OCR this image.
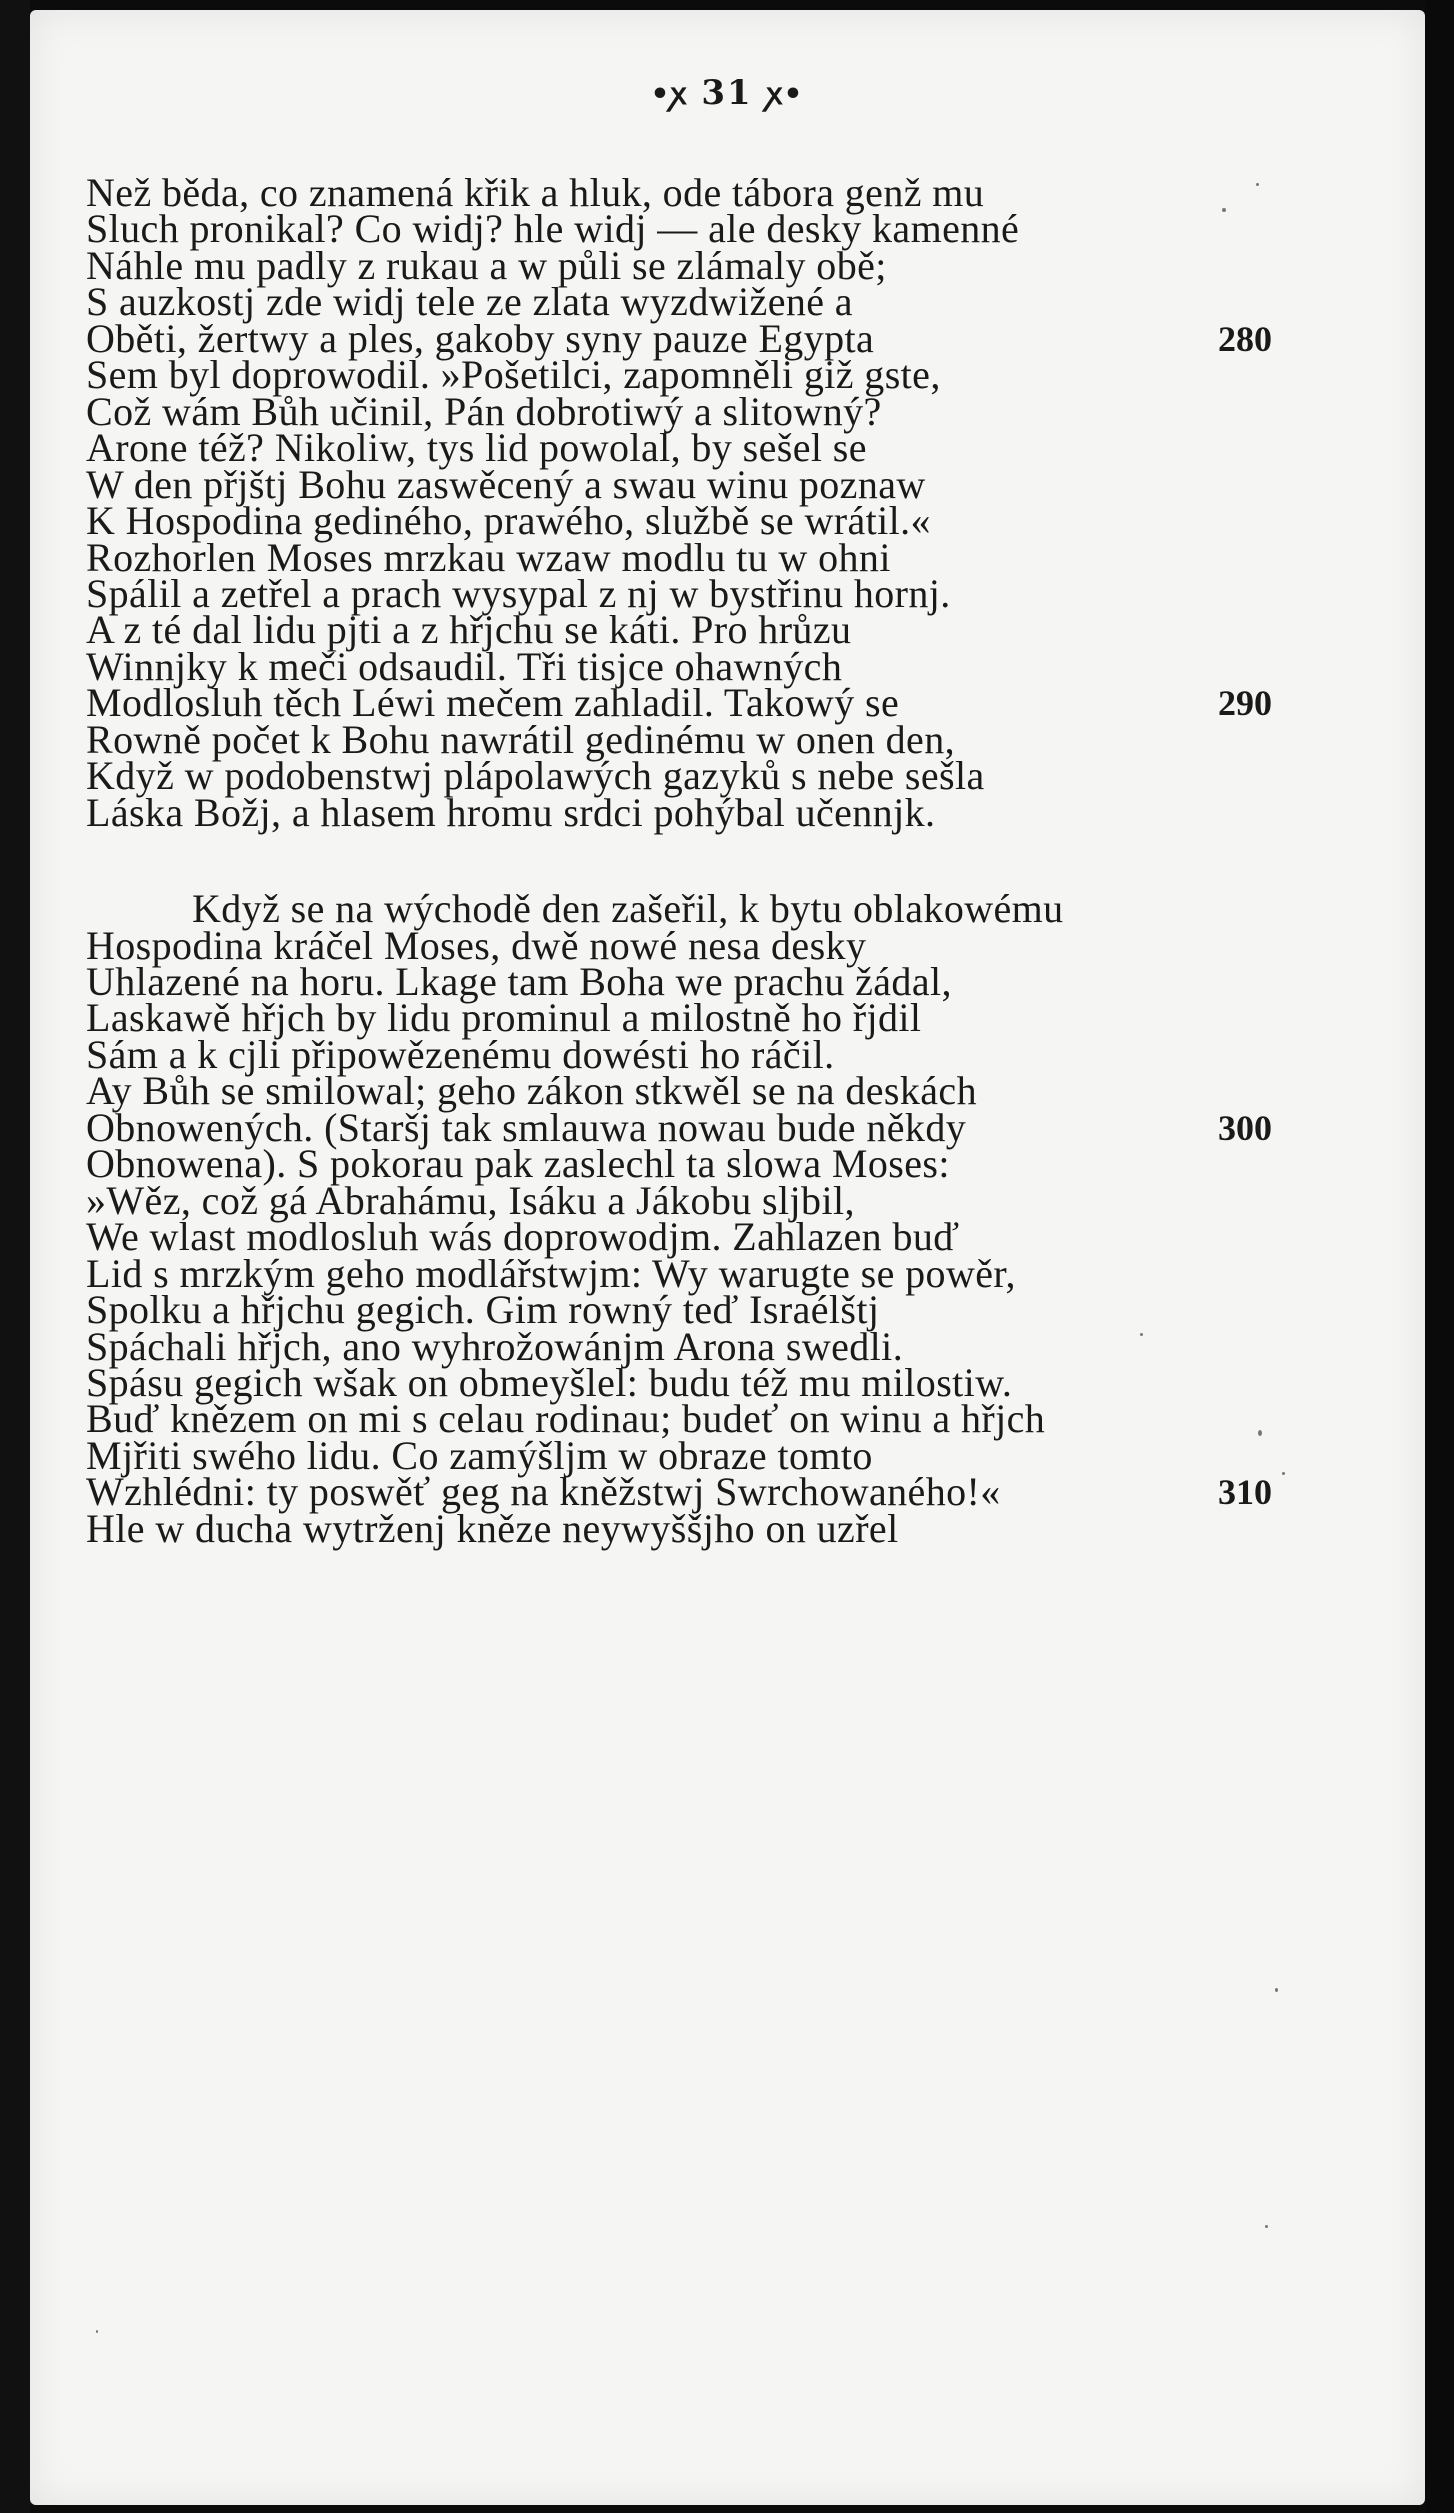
•ꭗ 31 ꭗ•
Než běda, co znamená křik a hluk, ode tábora genž mu
Sluch pronikal? Co widj? hle widj — ale desky kamenné
Náhle mu padly z rukau a w půli se zlámaly obě;
S auzkostj zde widj tele ze zlata wyzdwižené a
Oběti, žertwy a ples, gakoby syny pauze Egypta	280
Sem byl doprowodil. »Pošetilci, zapomněli giž gste,
Což wám Bůh učinil, Pán dobrotiwý a slitowný?
Arone též? Nikoliw, tys lid powolal, by sešel se
W den přjštj Bohu zaswěcený a swau winu poznaw
K Hospodina gediného, prawého, službě se wrátil.«
Rozhorlen Moses mrzkau wzaw modlu tu w ohni
Spálil a zetřel a prach wysypal z nj w bystřinu hornj.
A z té dal lidu pjti a z hřjchu se káti. Pro hrůzu
Winnjky k meči odsaudil. Tři tisjce ohawných
Modlosluh těch Léwi mečem zahladil. Takowý se	290
Rowně počet k Bohu nawrátil gedinému w onen den,
Když w podobenstwj plápolawých gazyků s nebe sešla
Láska Božj, a hlasem hromu srdci pohýbal učennjk.
Když se na wýchodě den zašeřil, k bytu oblakowému
Hospodina kráčel Moses, dwě nowé nesa desky
Uhlazené na horu. Lkage tam Boha we prachu žádal,
Laskawě hřjch by lidu prominul a milostně ho řjdil
Sám a k cjli připowězenému dowésti ho ráčil.
Ay Bůh se smilowal; geho zákon stkwěl se na deskách
Obnowených. (Staršj tak smlauwa nowau bude někdy	300
Obnowena). S pokorau pak zaslechl ta slowa Moses:
»Wěz, což gá Abrahámu, Isáku a Jákobu sljbil,
We wlast modlosluh wás doprowodjm. Zahlazen buď
Lid s mrzkým geho modlářstwjm: Wy warugte se powěr,
Spolku a hřjchu gegich. Gim rowný teď Israélštj
Spáchali hřjch, ano wyhrožowánjm Arona swedli.
Spásu gegich wšak on obmeyšlel: budu též mu milostiw.
Buď knězem on mi s celau rodinau; budeť on winu a hřjch
Mjřiti swého lidu. Co zamýšljm w obraze tomto
Wzhlédni: ty poswěť geg na kněžstwj Swrchowaného!«	310
Hle w ducha wytrženj kněze neywyššjho on uzřel
